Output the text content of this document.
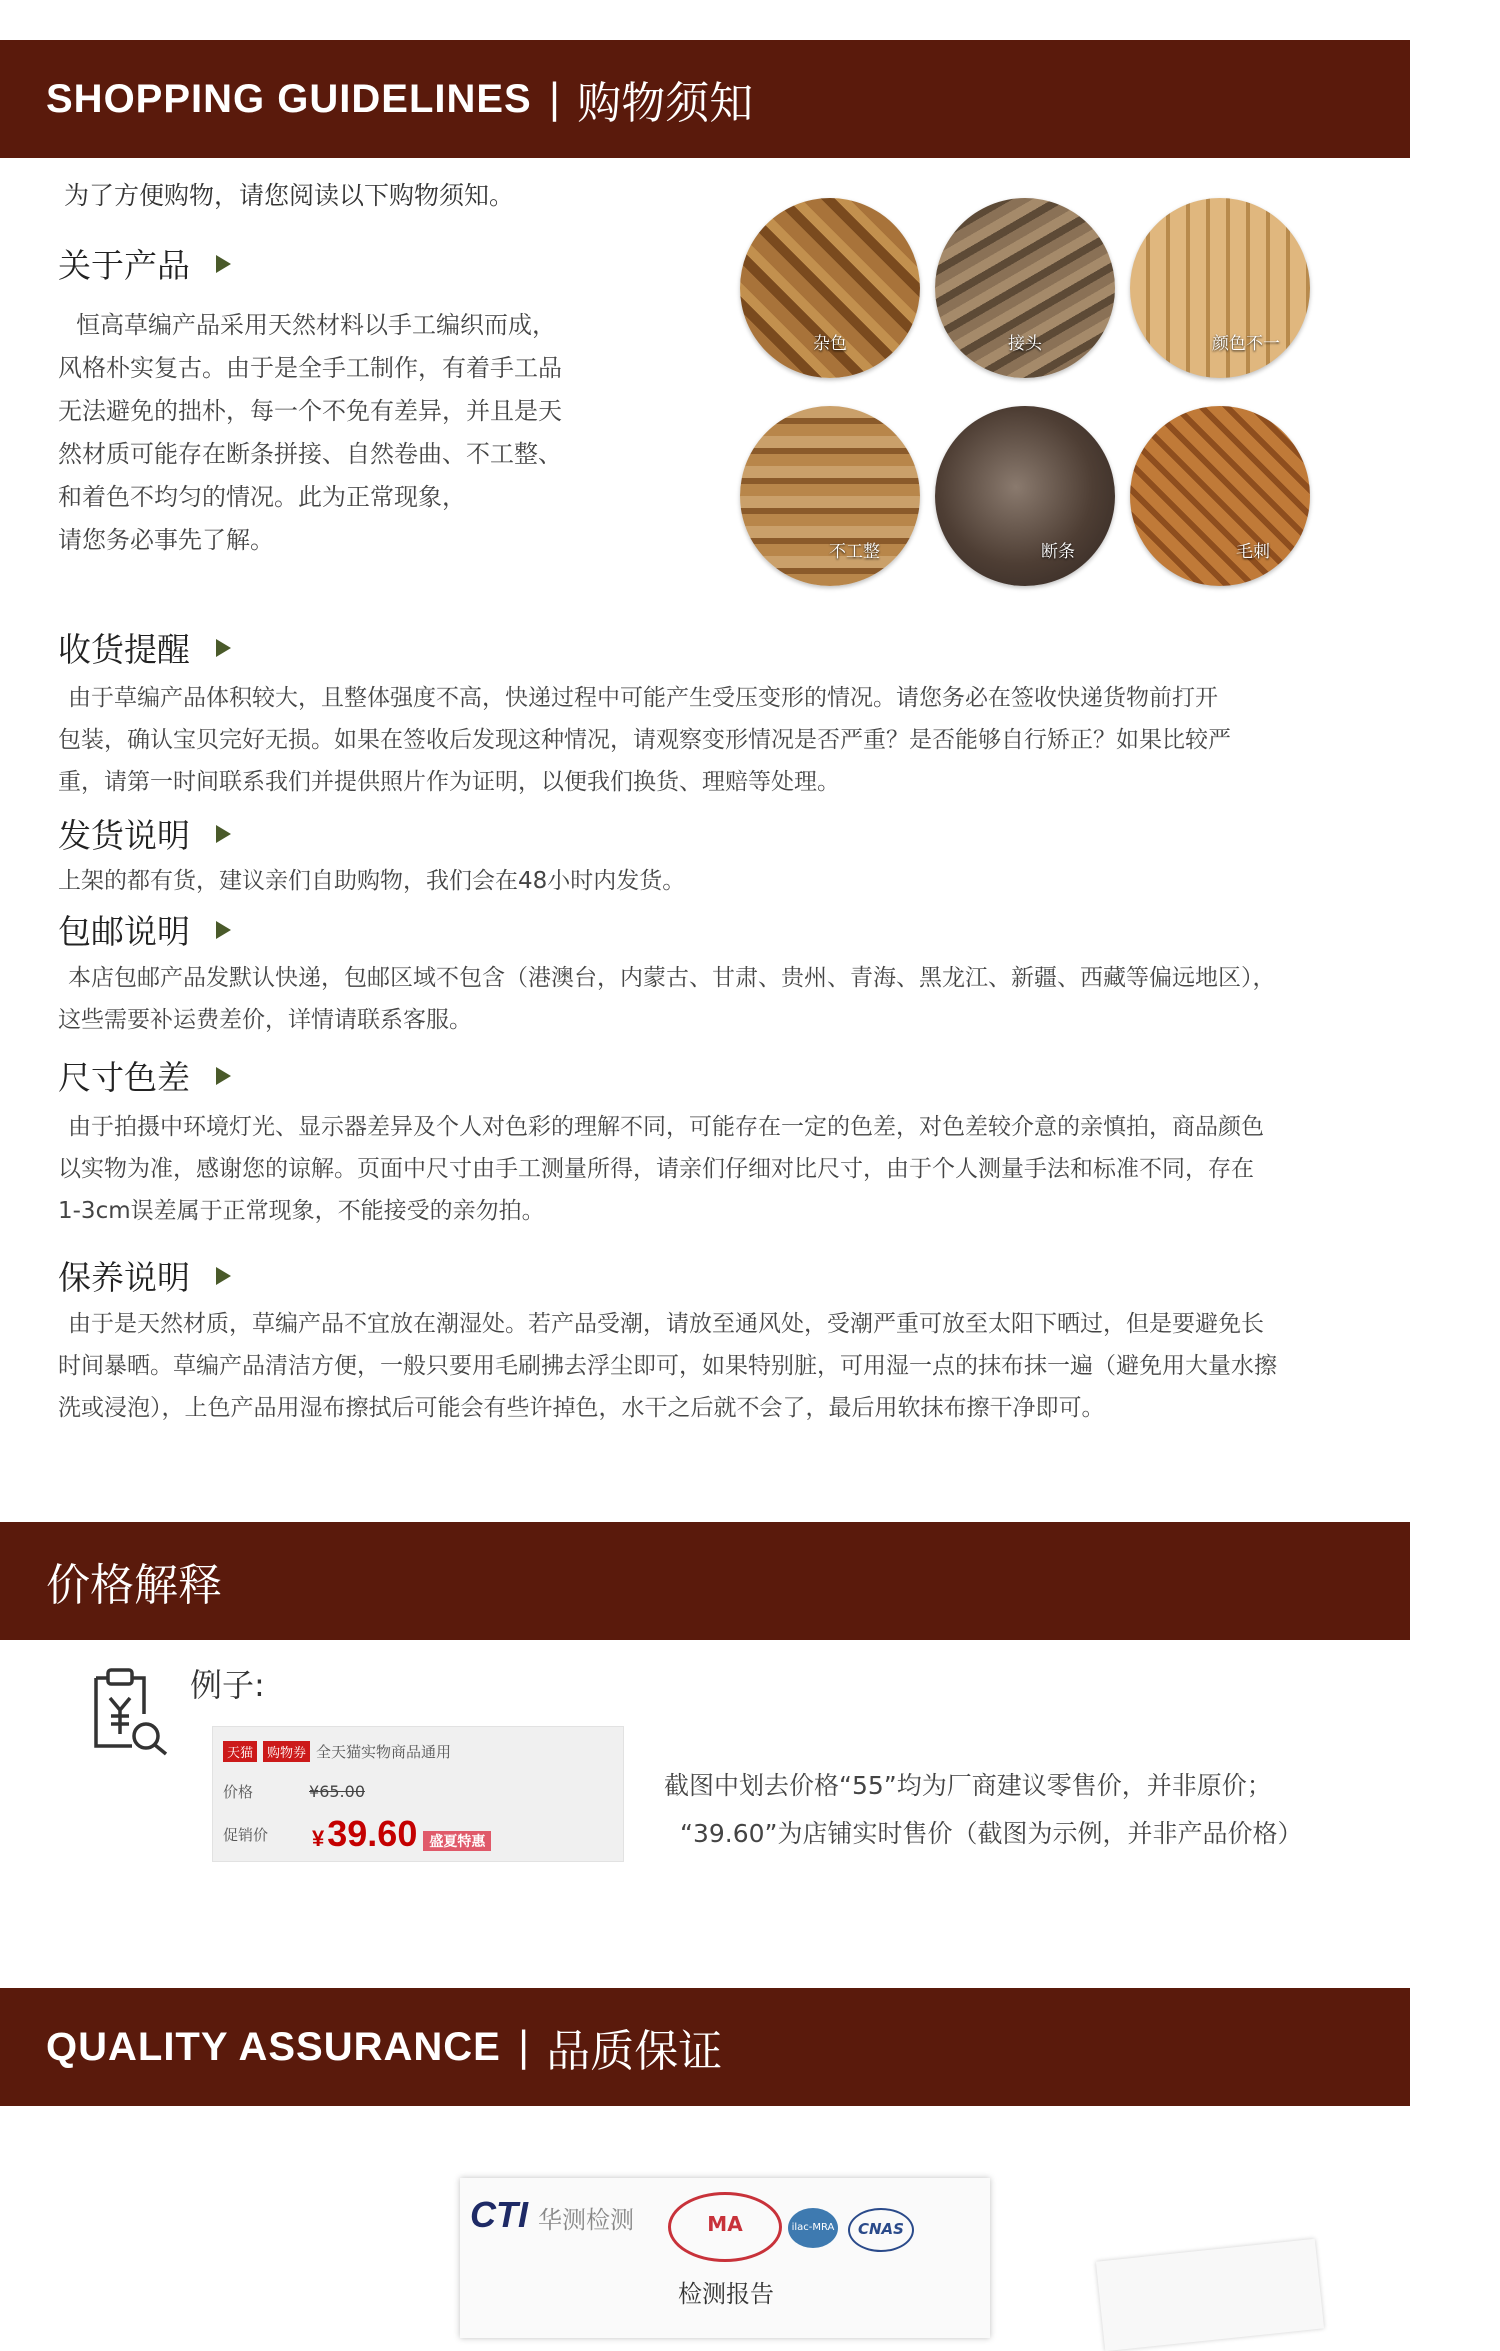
SHOPPING GUIDELINES | 购物须知
为了方便购物，请您阅读以下购物须知。
关于产品
恒高草编产品采用天然材料以手工编织而成，
风格朴实复古。由于是全手工制作，有着手工品
无法避免的拙朴，每一个不免有差异，并且是天
然材质可能存在断条拼接、自然卷曲、不工整、
和着色不均匀的情况。此为正常现象，
请您务必事先了解。
杂色	接头	颜色不一
不工整	断条	毛刺
收货提醒
由于草编产品体积较大，且整体强度不高，快递过程中可能产生受压变形的情况。请您务必在签收快递货物前打开
包装，确认宝贝完好无损。如果在签收后发现这种情况，请观察变形情况是否严重？是否能够自行矫正？如果比较严
重，请第一时间联系我们并提供照片作为证明，以便我们换货、理赔等处理。
发货说明
上架的都有货，建议亲们自助购物，我们会在48小时内发货。
包邮说明
本店包邮产品发默认快递，包邮区域不包含（港澳台，内蒙古、甘肃、贵州、青海、黑龙江、新疆、西藏等偏远地区），
这些需要补运费差价，详情请联系客服。
尺寸色差
由于拍摄中环境灯光、显示器差异及个人对色彩的理解不同，可能存在一定的色差，对色差较介意的亲慎拍，商品颜色
以实物为准，感谢您的谅解。页面中尺寸由手工测量所得，请亲们仔细对比尺寸，由于个人测量手法和标准不同，存在
1-3cm误差属于正常现象，不能接受的亲勿拍。
保养说明
由于是天然材质，草编产品不宜放在潮湿处。若产品受潮，请放至通风处，受潮严重可放至太阳下晒过，但是要避免长
时间暴晒。草编产品清洁方便，一般只要用毛刷拂去浮尘即可，如果特别脏，可用湿一点的抹布抹一遍（避免用大量水擦
洗或浸泡），上色产品用湿布擦拭后可能会有些许掉色，水干之后就不会了，最后用软抹布擦干净即可。
价格解释
例子:
天猫	购物券 全天猫实物商品通用
价格	¥65.00
促销价 ¥39.60 盛夏特惠
截图中划去价格“55”均为厂商建议零售价，并非原价；
“39.60”为店铺实时售价（截图为示例，并非产品价格）
QUALITY ASSURANCE | 品质保证
CTI 华测检测	MA	ilac-MRA	CNAS
检测报告
